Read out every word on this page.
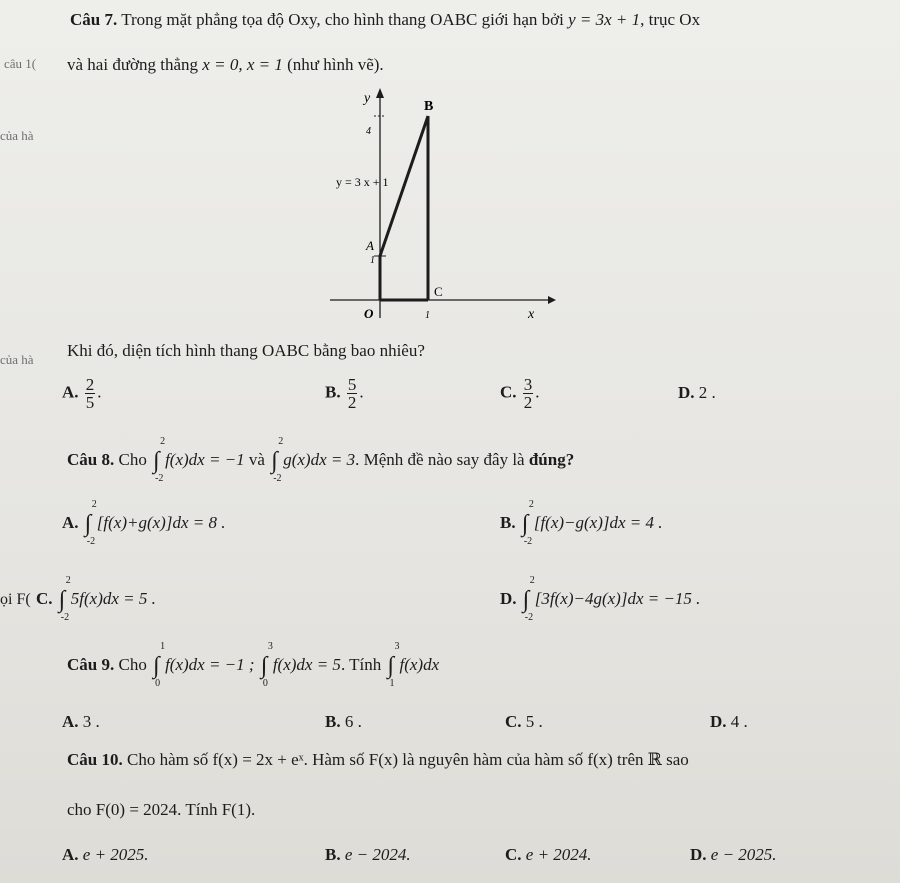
câu 1(
của hà
của hà
ọi F(
Câu 7. Trong mặt phẳng tọa độ Oxy, cho hình thang OABC giới hạn bởi y = 3x + 1, trục Ox
và hai đường thẳng x = 0, x = 1 (như hình vẽ).
y
B
4
y = 3 x + 1
A
1
C
O	1	x
Khi đó, diện tích hình thang OABC bằng bao nhiêu?
A. $\frac{2}{5}$ .	B. $\frac{5}{2}$ .	C. $\frac{3}{2}$ .	D. 2 .
Câu 8. Cho ∫
2
-2
f(x)dx = −1 và ∫
2
-2
g(x)dx = 3. Mệnh đề nào say đây là đúng?
A. ∫
2
-2
[f(x)+g(x)]dx = 8 .	B. ∫
2
-2
[f(x)−g(x)]dx = 4 .
C. ∫
2
-2
5f(x)dx = 5 .	D. ∫
2
-2
[3f(x)−4g(x)]dx = −15 .
Câu 9. Cho ∫
1
0
f(x)dx = −1 ; ∫
3
0
f(x)dx = 5. Tính ∫
3
1
f(x)dx
A. 3 .	B. 6 .	C. 5 .	D. 4 .
Câu 10. Cho hàm số f(x) = 2x + eˣ. Hàm số F(x) là nguyên hàm của hàm số f(x) trên ℝ sao
cho F(0) = 2024. Tính F(1).
A. e + 2025.	B. e − 2024.	C. e + 2024.	D. e − 2025.
